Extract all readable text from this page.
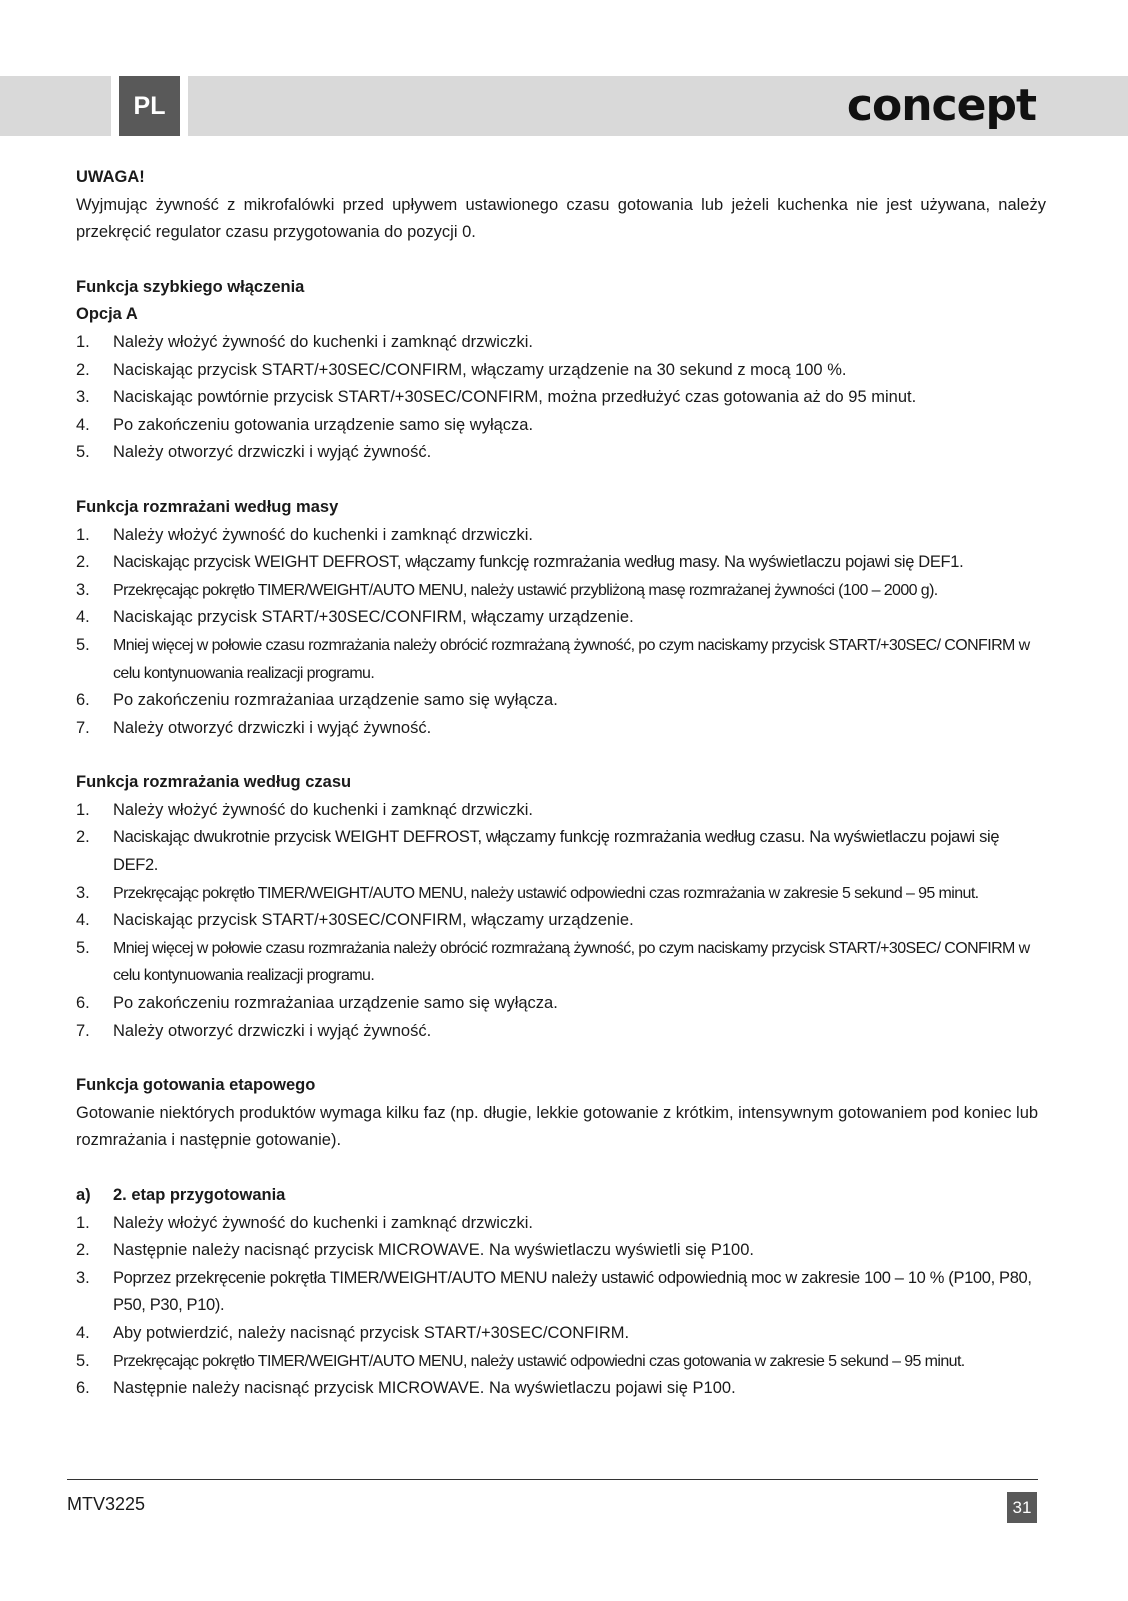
PL	concept

UWAGA!

Wyjmując żywność z mikrofalówki przed upływem ustawionego czasu gotowania lub jeżeli kuchenka nie jest używana, należy przekręcić regulator czasu przygotowania do pozycji 0.

Funkcja szybkiego włączenia

Opcja A

1. Należy włożyć żywność do kuchenki i zamknąć drzwiczki.
2. Naciskając przycisk START/+30SEC/CONFIRM, włączamy urządzenie na 30 sekund z mocą 100 %.
3. Naciskając powtórnie przycisk START/+30SEC/CONFIRM, można przedłużyć czas gotowania aż do 95 minut.
4. Po zakończeniu gotowania urządzenie samo się wyłącza.
5. Należy otworzyć drzwiczki i wyjąć żywność.

Funkcja rozmrażani według masy

1. Należy włożyć żywność do kuchenki i zamknąć drzwiczki.
2. Naciskając przycisk WEIGHT DEFROST, włączamy funkcję rozmrażania według masy. Na wyświetlaczu pojawi się DEF1.
3. Przekręcając pokrętło TIMER/WEIGHT/AUTO MENU, należy ustawić przybliżoną masę rozmrażanej żywności (100 – 2000 g).
4. Naciskając przycisk START/+30SEC/CONFIRM, włączamy urządzenie.
5. Mniej więcej w połowie czasu rozmrażania należy obrócić rozmrażaną żywność, po czym naciskamy przycisk START/+30SEC/ CONFIRM w celu kontynuowania realizacji programu.
6. Po zakończeniu rozmrażaniaa urządzenie samo się wyłącza.
7. Należy otworzyć drzwiczki i wyjąć żywność.

Funkcja rozmrażania według czasu

1. Należy włożyć żywność do kuchenki i zamknąć drzwiczki.
2. Naciskając dwukrotnie przycisk WEIGHT DEFROST, włączamy funkcję rozmrażania według czasu. Na wyświetlaczu pojawi się DEF2.
3. Przekręcając pokrętło TIMER/WEIGHT/AUTO MENU, należy ustawić odpowiedni czas rozmrażania w zakresie 5 sekund – 95 minut.
4. Naciskając przycisk START/+30SEC/CONFIRM, włączamy urządzenie.
5. Mniej więcej w połowie czasu rozmrażania należy obrócić rozmrażaną żywność, po czym naciskamy przycisk START/+30SEC/ CONFIRM w celu kontynuowania realizacji programu.
6. Po zakończeniu rozmrażaniaa urządzenie samo się wyłącza.
7. Należy otworzyć drzwiczki i wyjąć żywność.

Funkcja gotowania etapowego

Gotowanie niektórych produktów wymaga kilku faz (np. długie, lekkie gotowanie z krótkim, intensywnym gotowaniem pod koniec lub rozmrażania i następnie gotowanie).

a) 2. etap przygotowania

1. Należy włożyć żywność do kuchenki i zamknąć drzwiczki.
2. Następnie należy nacisnąć przycisk MICROWAVE. Na wyświetlaczu wyświetli się P100.
3. Poprzez przekręcenie pokrętła TIMER/WEIGHT/AUTO MENU należy ustawić odpowiednią moc w zakresie 100 – 10 % (P100, P80, P50, P30, P10).
4. Aby potwierdzić, należy nacisnąć przycisk START/+30SEC/CONFIRM.
5. Przekręcając pokrętło TIMER/WEIGHT/AUTO MENU, należy ustawić odpowiedni czas gotowania w zakresie 5 sekund – 95 minut.
6. Następnie należy nacisnąć przycisk MICROWAVE. Na wyświetlaczu pojawi się P100.
MTV3225	31
